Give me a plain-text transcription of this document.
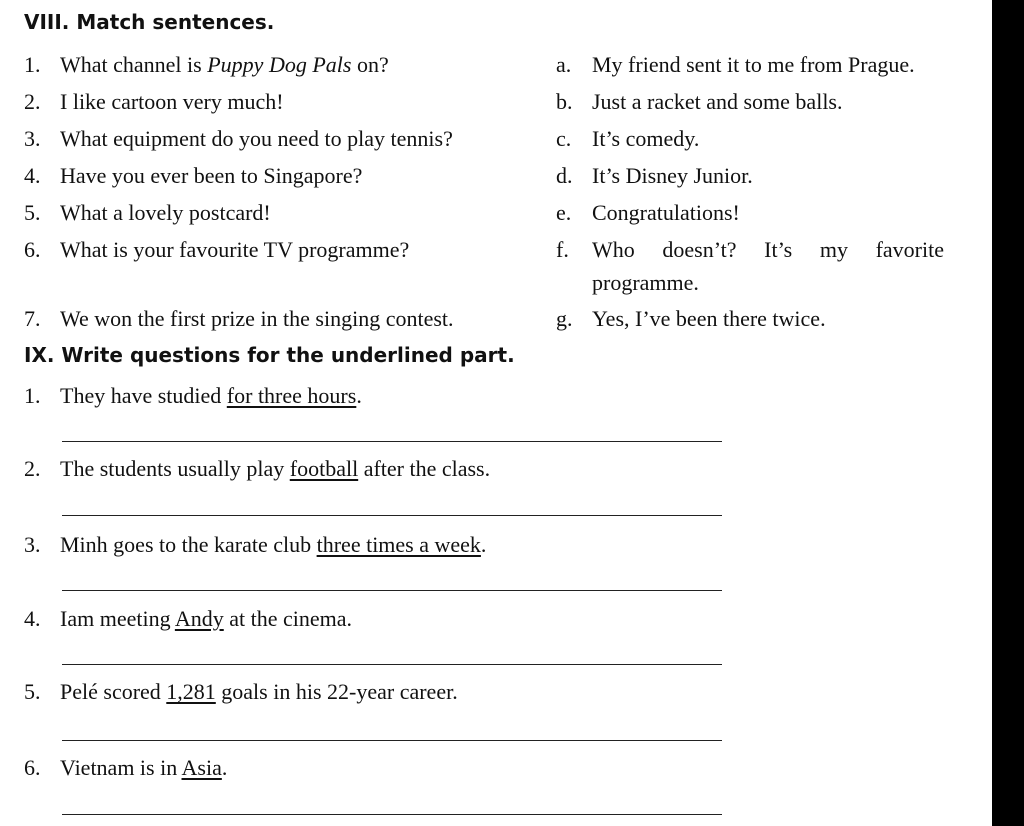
VIII. Match sentences.
1. What channel is Puppy Dog Pals on?
2. I like cartoon very much!
3. What equipment do you need to play tennis?
4. Have you ever been to Singapore?
5. What a lovely postcard!
6. What is your favourite TV programme?
7. We won the first prize in the singing contest.
a. My friend sent it to me from Prague.
b. Just a racket and some balls.
c. It’s comedy.
d. It’s Disney Junior.
e. Congratulations!
f. Who doesn’t? It’s my favorite
programme.
g. Yes, I’ve been there twice.
IX. Write questions for the underlined part.
1. They have studied for three hours.
2. The students usually play football after the class.
3. Minh goes to the karate club three times a week.
4. Iam meeting Andy at the cinema.
5. Pelé scored 1,281 goals in his 22-year career.
6. Vietnam is in Asia.
